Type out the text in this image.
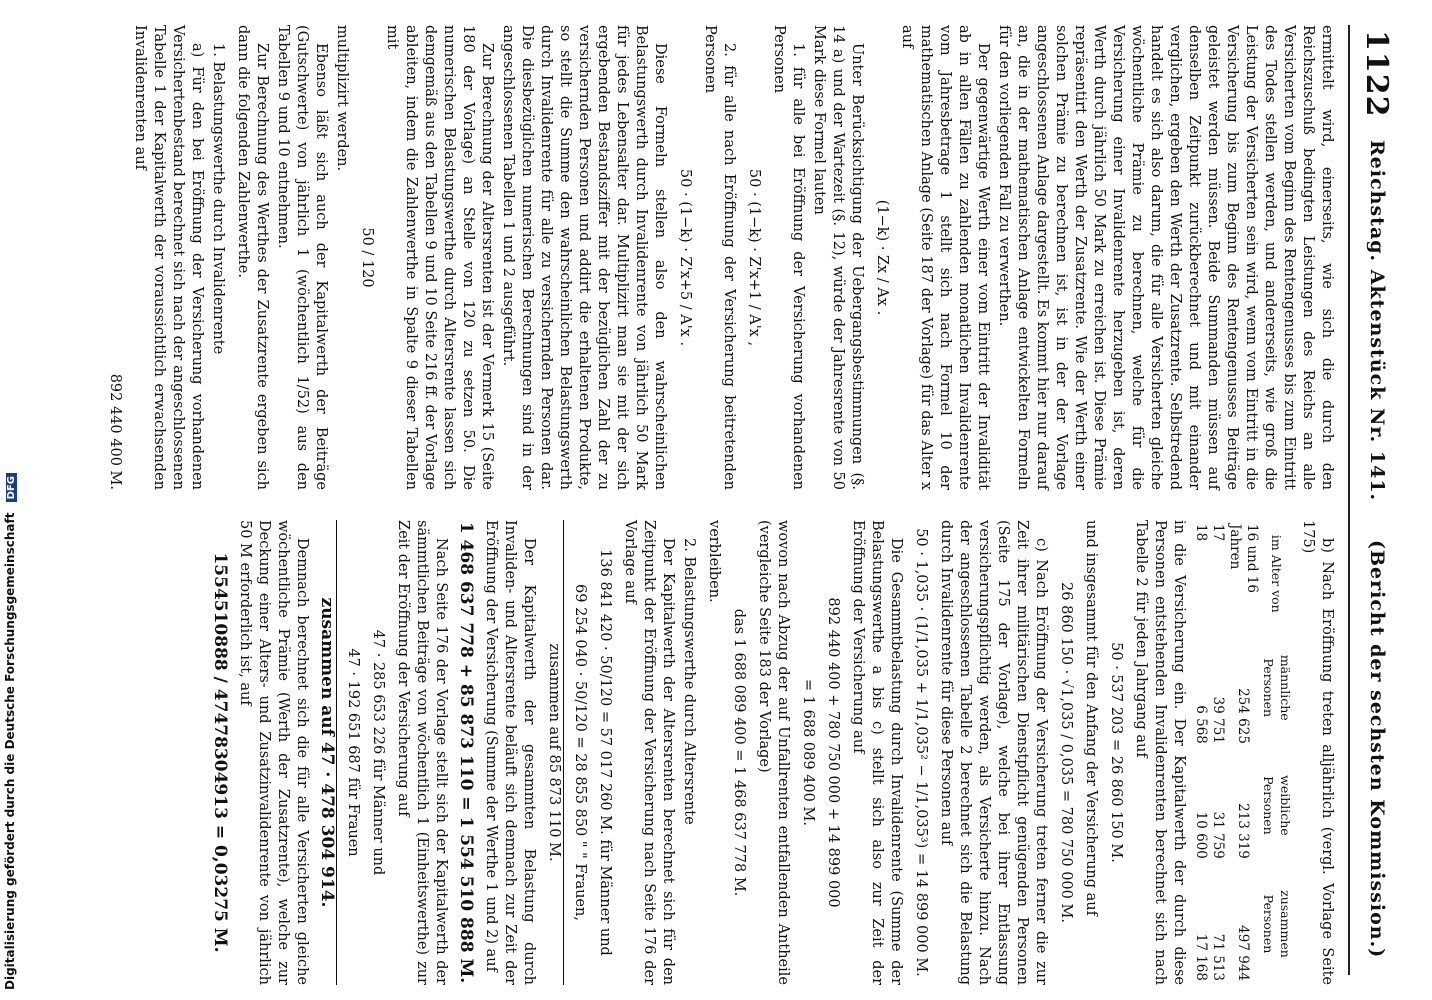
1122
Reichstag. Aktenstück Nr. 141.
(Bericht der sechsten Kommission.)

ermittelt wird, einerseits, wie sich die durch den Reichszuschuß bedingten Leistungen des Reichs an alle Versicherten vom Beginn des Rentengenusses bis zum Eintritt des Todes stellen werden, und andererseits, wie groß die Leistung der Versicherten sein wird, wenn vom Eintritt in die Versicherung bis zum Beginn des Rentengenusses Beiträge geleistet werden müssen. Beide Summanden müssen auf denselben Zeitpunkt zurückberechnet und mit einander verglichen, ergeben den Werth der Zusatzrente. Selbstredend handelt es sich also darum, die für alle Versicherten gleiche wöchentliche Prämie zu berechnen, welche für die Versicherung einer Invalidenrente herzugeben ist, deren Werth durch jährlich 50 Mark zu erreichen ist. Diese Prämie repräsentirt den Werth der Zusatzrente. Wie der Werth einer solchen Prämie zu berechnen ist, ist in der der Vorlage angeschlossenen Anlage dargestellt. Es kommt hier nur darauf an, die in der mathematischen Anlage entwickelten Formeln für den vorliegenden Fall zu verwerthen.

Der gegenwärtige Werth einer vom Eintritt der Invalidität ab in allen Fällen zu zahlenden monatlichen Invalidenrente vom Jahresbetrage 1 stellt sich nach Formel 10 der mathematischen Anlage (Seite 187 der Vorlage) für das Alter x auf

(1−k) · Zx / Ax .

Unter Berücksichtigung der Uebergangsbestimmungen (§. 14 a) und der Wartezeit (§. 12), würde der Jahresrente von 50 Mark diese Formel lauten

1. für alle bei Eröffnung der Versicherung vorhandenen Personen

50 · (1−k) · Z'x+1 / A'x ,

2. für alle nach Eröffnung der Versicherung beitretenden Personen

50 · (1−k) · Z'x+5 / A'x .

Diese Formeln stellen also den wahrscheinlichen Belastungswerth durch Invalidenrente von jährlich 50 Mark für jedes Lebensalter dar. Multiplizirt man sie mit der sich ergebenden Bestandsziffer mit der bezüglichen Zahl der zu versichernden Personen und addirt die erhaltenen Produkte, so stellt die Summe den wahrscheinlichen Belastungswerth durch Invalidenrente für alle zu versichernden Personen dar. Die diesbezüglichen numerischen Berechnungen sind in der angeschlossenen Tabellen 1 und 2 ausgeführt.

Zur Berechnung der Altersrenten ist der Vermerk 15 (Seite 180 der Vorlage) an Stelle von 120 zu setzen 50. Die numerischen Belastungswerthe durch Altersrente lassen sich demgemäß aus den Tabellen 9 und 10 Seite 216 ff. der Vorlage ableiten, indem die Zahlenwerthe in Spalte 9 dieser Tabellen mit

50 / 120

multiplizirt werden.

Ebenso läßt sich auch der Kapitalwerth der Beiträge (Gutschwerte) von jährlich 1 (wöchentlich 1/52) aus den Tabellen 9 und 10 entnehmen.

Zur Berechnung des Werthes der Zusatzrente ergeben sich dann die folgenden Zahlenwerthe.

1. Belastungswerthe durch Invalidenrente

a) Für den bei Eröffnung der Versicherung vorhandenen Versichertenbestand berechnet sich nach der angeschlossenen Tabelle 1 der Kapitalwerth der voraussichtlich erwachsenden Invalidenrenten auf

892 440 400 M.

b) Nach Eröffnung treten alljährlich (vergl. Vorlage Seite 175)

im Alter von	männliche Personen	weibliche Personen	zusammen Personen
16 und 16 Jahren	254 625	213 319	497 944
17	39 751	31 759	71 513
18	6 568	10 600	17 168

in die Versicherung ein. Der Kapitalwerth der durch diese Personen entstehenden Invalidenrenten berechnet sich nach Tabelle 2 für jeden Jahrgang auf

50 · 537 203 = 26 860 150 M.

und insgesammt für den Anfang der Versicherung auf

26 860 150 · √1,035 / 0,035 = 780 750 000 M.

c) Nach Eröffnung der Versicherung treten ferner die zur Zeit ihrer militärischen Dienstpflicht genügenden Personen (Seite 175 der Vorlage), welche bei ihrer Entlassung versicherungspflichtig werden, als Versicherte hinzu. Nach der angeschlossenen Tabelle 2 berechnet sich die Belastung durch Invalidenrente für diese Personen auf

50 · 1,035 · (1/1,035 + 1/1,035² − 1/1,035³) = 14 899 000 M.

Die Gesammtbelastung durch Invalidenrente (Summe der Belastungswerthe a bis c) stellt sich also zur Zeit der Eröffnung der Versicherung auf

892 440 400 + 780 750 000 + 14 899 000
= 1 688 089 400 M.

wovon nach Abzug der auf Unfallrenten entfallenden Antheile (vergleiche Seite 183 der Vorlage)

das 1 688 089 400 = 1 468 637 778 M.

verbleiben.

2. Belastungswerthe durch Altersrente

Der Kapitalwerth der Altersrenten berechnet sich für den Zeitpunkt der Eröffnung der Versicherung nach Seite 176 der Vorlage auf

136 841 420 · 50/120 = 57 017 260 M. für Männer und
69 254 040 · 50/120 = 28 855 850 " " Frauen,
zusammen auf 85 873 110 M.

Der Kapitalwerth der gesammten Belastung durch Invaliden- und Altersrente beläuft sich demnach zur Zeit der Eröffnung der Versicherung (Summe der Werthe 1 und 2) auf

1 468 637 778 + 85 873 110 = 1 554 510 888 M.

Nach Seite 176 der Vorlage stellt sich der Kapitalwerth der sämmtlichen Beiträge von wöchentlich 1 (Einheitswerthe) zur Zeit der Eröffnung der Versicherung auf

47 · 285 653 226 für Männer und
47 · 192 651 687 für Frauen
zusammen auf 47 · 478 304 914.

Demnach berechnet sich die für alle Versicherten gleiche wöchentliche Prämie (Werth der Zusatzrente), welche zur Deckung einer Alters- und Zusatzinvalidenrente von jährlich 50 M erforderlich ist, auf

1554510888 / 47478304913 = 0,03275 M.
Digitalisierung gefördert durch die Deutsche Forschungsgemeinschaft DFG
